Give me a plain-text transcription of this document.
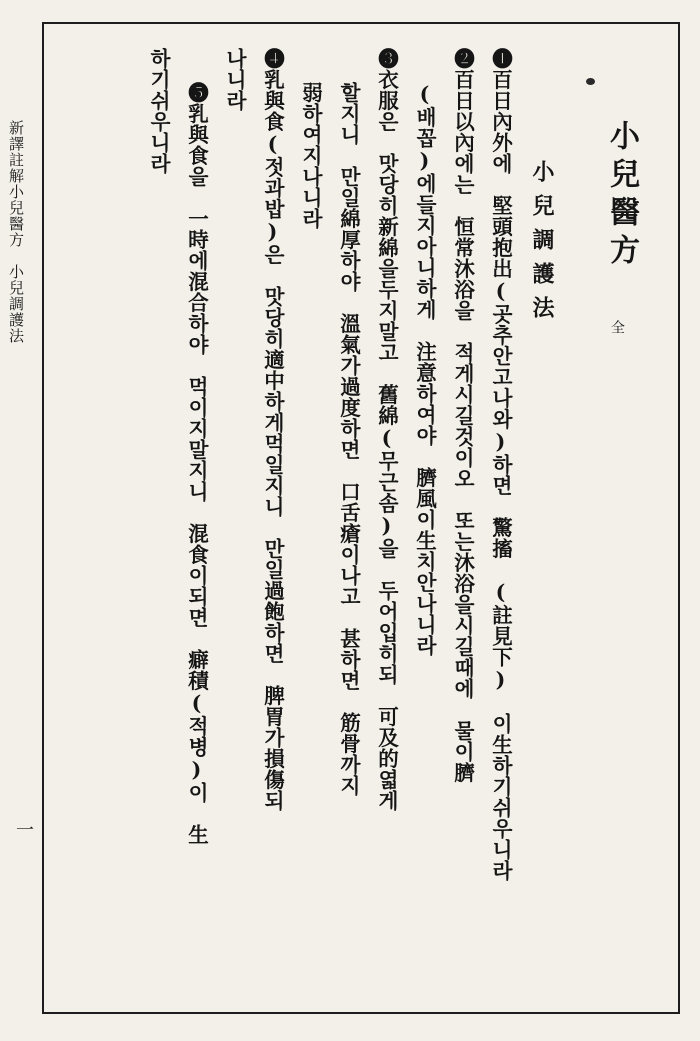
小兒醫方
全
小兒調護法
❶百日內外에　堅頭抱出(곳추안고나와)하면　驚搐　(註見下)　이生하기쉬우니라
❷百日以內에는　恒常沐浴을　적게시길것이오　또는沐浴을시길때에　물이臍
(배꼽)에들지아니하게　注意하여야　臍風이生치안나니라
❸衣服은　맛당히新綿을두지말고　舊綿(무근솜)을　두어입히되　可及的엷게
할지니　만일綿厚하야　溫氣가過度하면　口舌瘡이나고　甚하면　筋骨까지
弱하여지나니라
❹乳與食(젓과밥)은　맛당히適中하게먹일지니　만일過飽하면　脾胃가損傷되
나니라
❺乳與食을　一時에混合하야　먹이지말지니　混食이되면　癖積(적병)이　生
하기쉬우니라
新譯註解小兒醫方　小兒調護法
一
